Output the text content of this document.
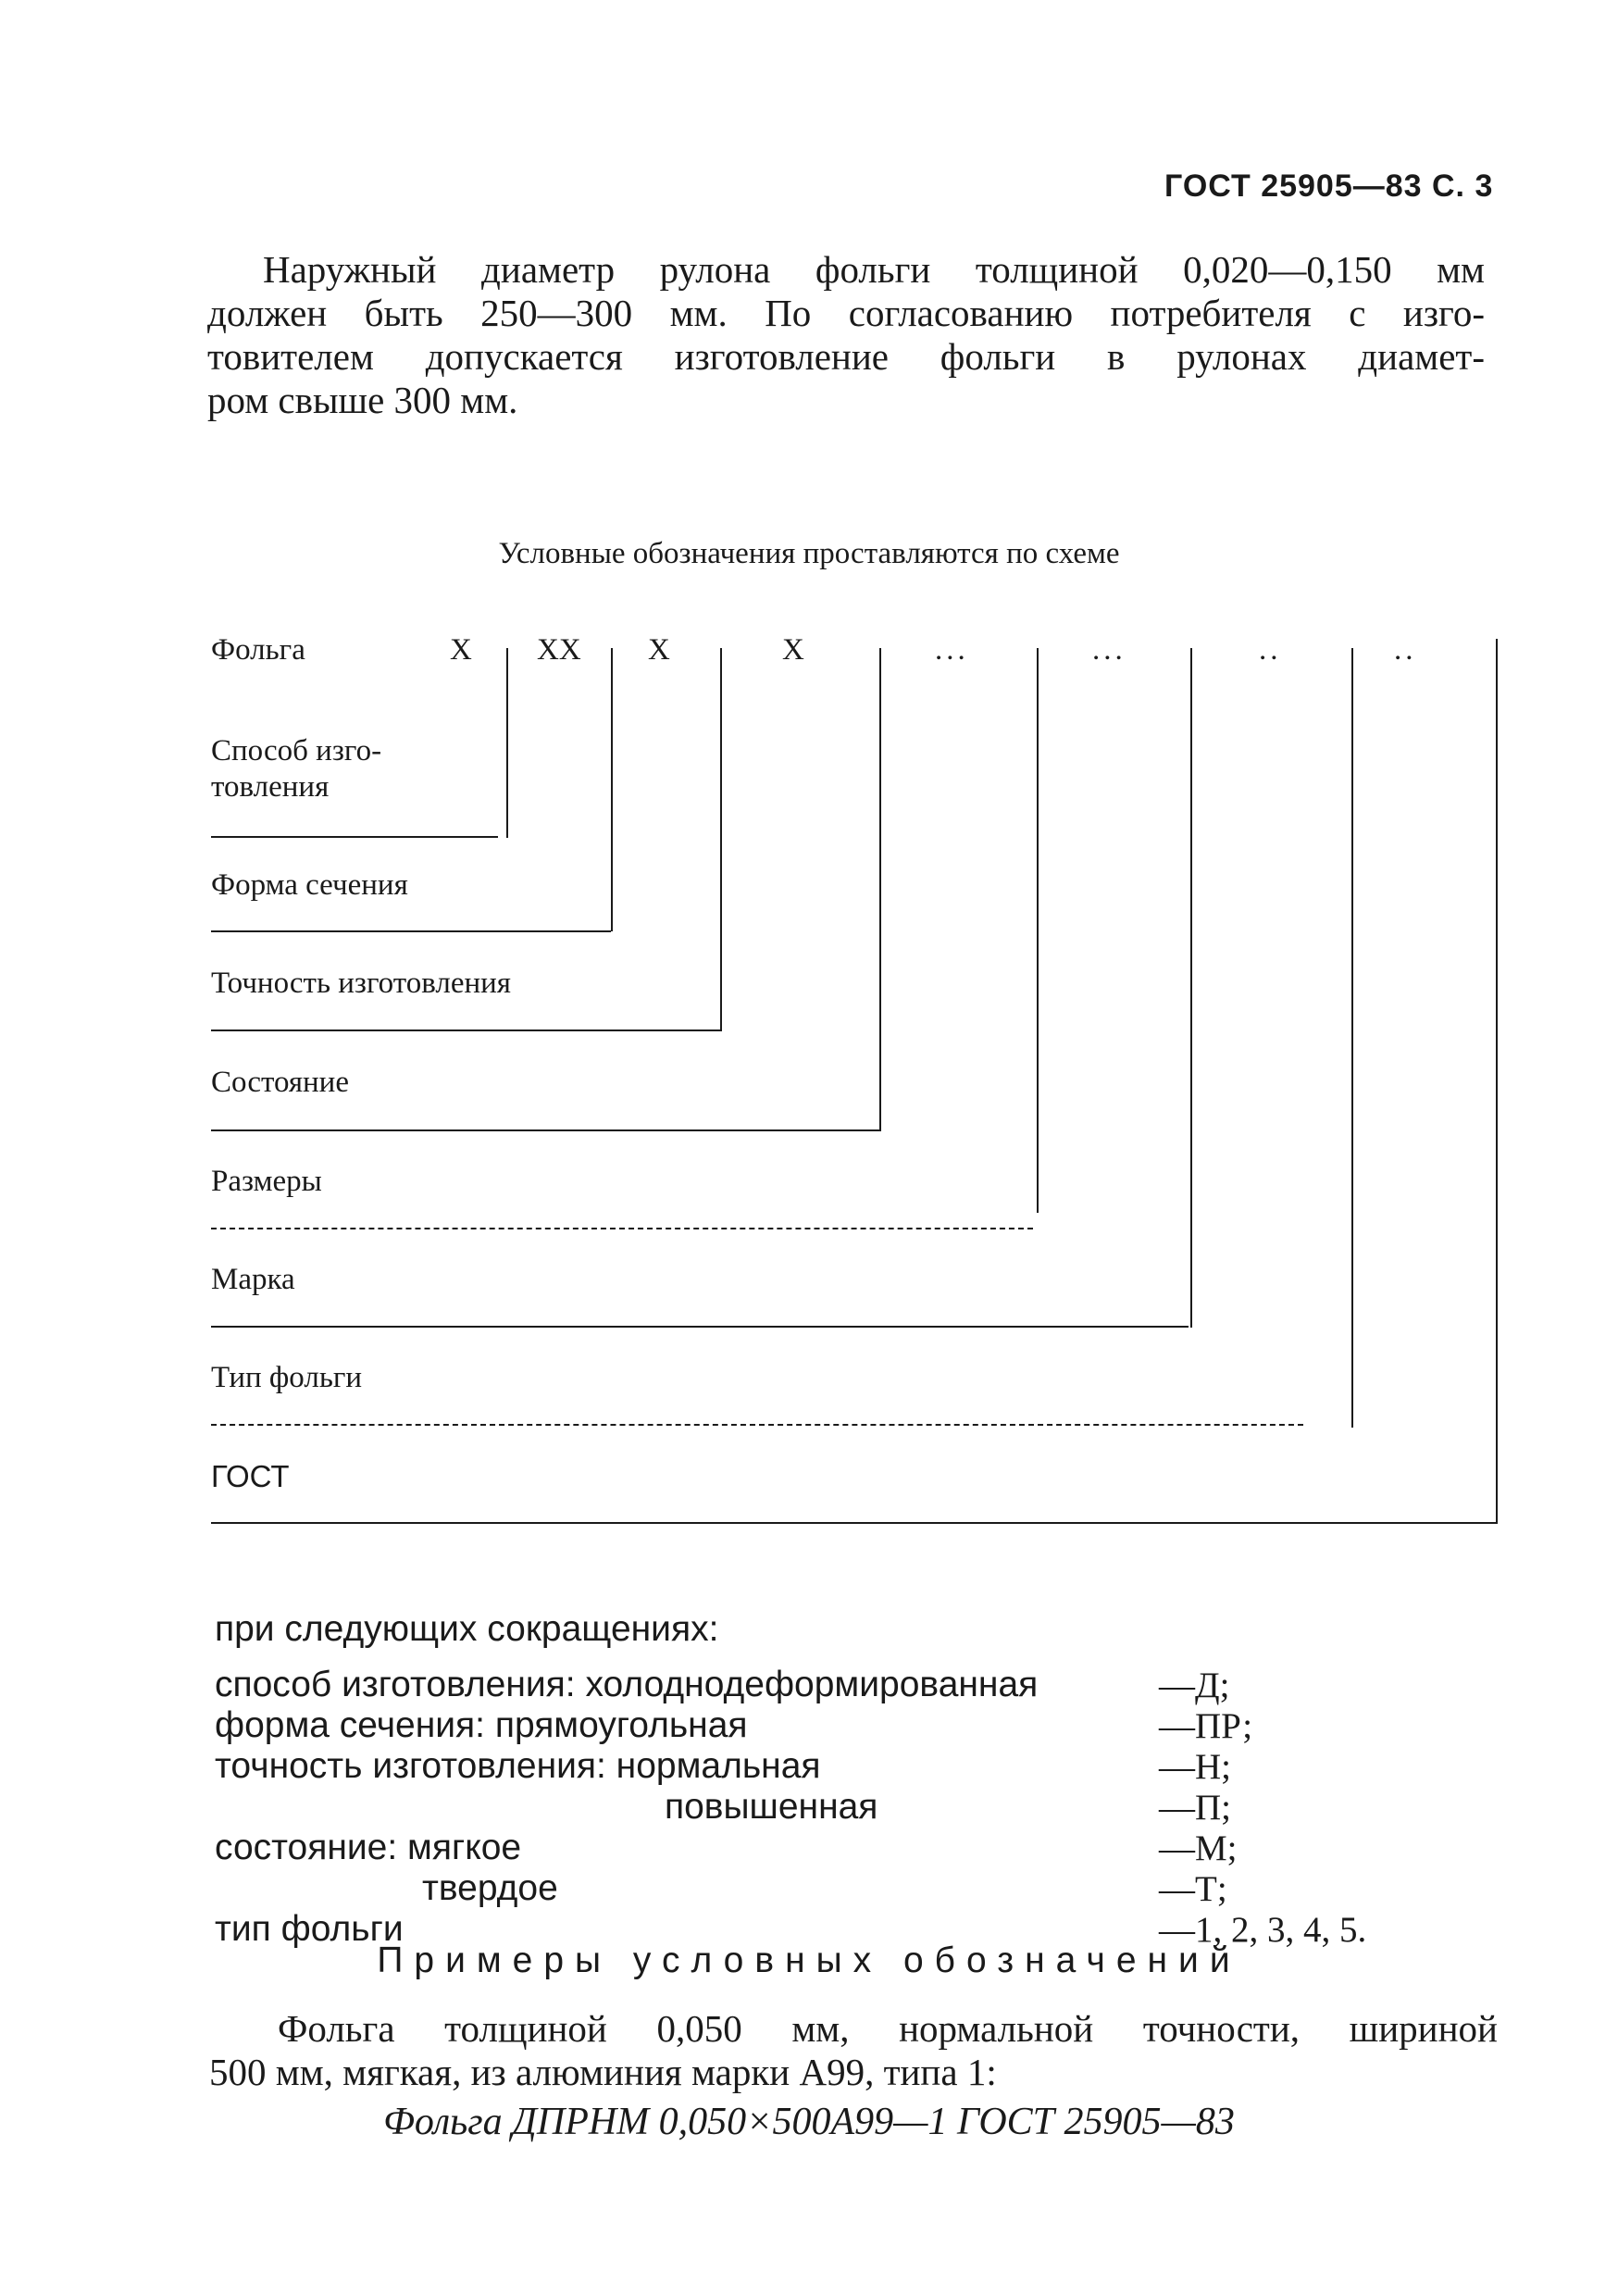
ГОСТ 25905—83 С. 3
Наружный диаметр рулона фольги толщиной 0,020—0,150 мм
должен быть 250—300 мм. По согласованию потребителя с изго-
товителем допускается изготовление фольги в рулонах диамет-
ром свыше 300 мм.
Условные обозначения проставляются по схеме
Фольга	X XX X	X	...	...	..	..
Способ изго-
товления
Форма сечения
Точность изготовления
Состояние
Размеры
Марка
Тип фольги
ГОСТ
при следующих сокращениях:
способ изготовления: холоднодеформированная	—Д;
форма сечения: прямоугольная	—ПР;
точность изготовления: нормальная	—Н;
повышенная	—П;
состояние: мягкое	—М;
твердое	—Т;
тип фольги	—1, 2, 3, 4, 5.
Примеры условных обозначений
Фольга толщиной 0,050 мм, нормальной точности, шириной
500 мм, мягкая, из алюминия марки А99, типа 1:
Фольга ДПРНМ 0,050×500А99—1 ГОСТ 25905—83
